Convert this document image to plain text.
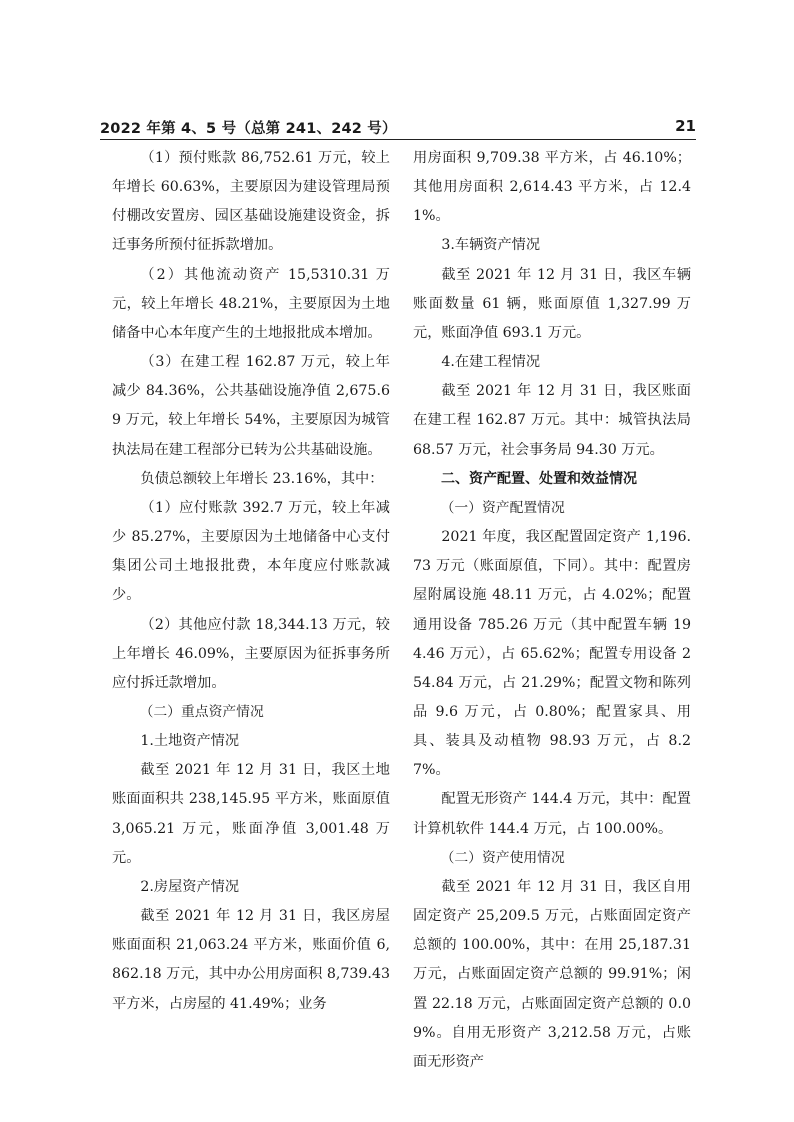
2022 年第 4、5 号（总第 241、242 号）	21

（1）预付账款 86,752.61 万元，较上年增长 60.63%，主要原因为建设管理局预付棚改安置房、园区基础设施建设资金，拆迁事务所预付征拆款增加。

（2）其他流动资产 15,5310.31 万元，较上年增长 48.21%，主要原因为土地储备中心本年度产生的土地报批成本增加。

（3）在建工程 162.87 万元，较上年减少 84.36%，公共基础设施净值 2,675.69 万元，较上年增长 54%，主要原因为城管执法局在建工程部分已转为公共基础设施。

负债总额较上年增长 23.16%，其中：

（1）应付账款 392.7 万元，较上年减少 85.27%，主要原因为土地储备中心支付集团公司土地报批费，本年度应付账款减少。

（2）其他应付款 18,344.13 万元，较上年增长 46.09%，主要原因为征拆事务所应付拆迁款增加。

（二）重点资产情况

1.土地资产情况

截至 2021 年 12 月 31 日，我区土地账面面积共 238,145.95 平方米，账面原值 3,065.21 万元，账面净值 3,001.48 万元。

2.房屋资产情况

截至 2021 年 12 月 31 日，我区房屋账面面积 21,063.24 平方米，账面价值 6,862.18 万元，其中办公用房面积 8,739.43 平方米，占房屋的 41.49%；业务

用房面积 9,709.38 平方米，占 46.10%；其他用房面积 2,614.43 平方米，占 12.41%。

3.车辆资产情况

截至 2021 年 12 月 31 日，我区车辆账面数量 61 辆，账面原值 1,327.99 万元，账面净值 693.1 万元。

4.在建工程情况

截至 2021 年 12 月 31 日，我区账面在建工程 162.87 万元。其中：城管执法局 68.57 万元，社会事务局 94.30 万元。

二、资产配置、处置和效益情况

（一）资产配置情况

2021 年度，我区配置固定资产 1,196.73 万元（账面原值，下同）。其中：配置房屋附属设施 48.11 万元，占 4.02%；配置通用设备 785.26 万元（其中配置车辆 194.46 万元），占 65.62%；配置专用设备 254.84 万元，占 21.29%；配置文物和陈列品 9.6 万元，占 0.80%；配置家具、用具、装具及动植物 98.93 万元，占 8.27%。

配置无形资产 144.4 万元，其中：配置计算机软件 144.4 万元，占 100.00%。

（二）资产使用情况

截至 2021 年 12 月 31 日，我区自用固定资产 25,209.5 万元，占账面固定资产总额的 100.00%，其中：在用 25,187.31 万元，占账面固定资产总额的 99.91%；闲置 22.18 万元，占账面固定资产总额的 0.09%。自用无形资产 3,212.58 万元，占账面无形资产
